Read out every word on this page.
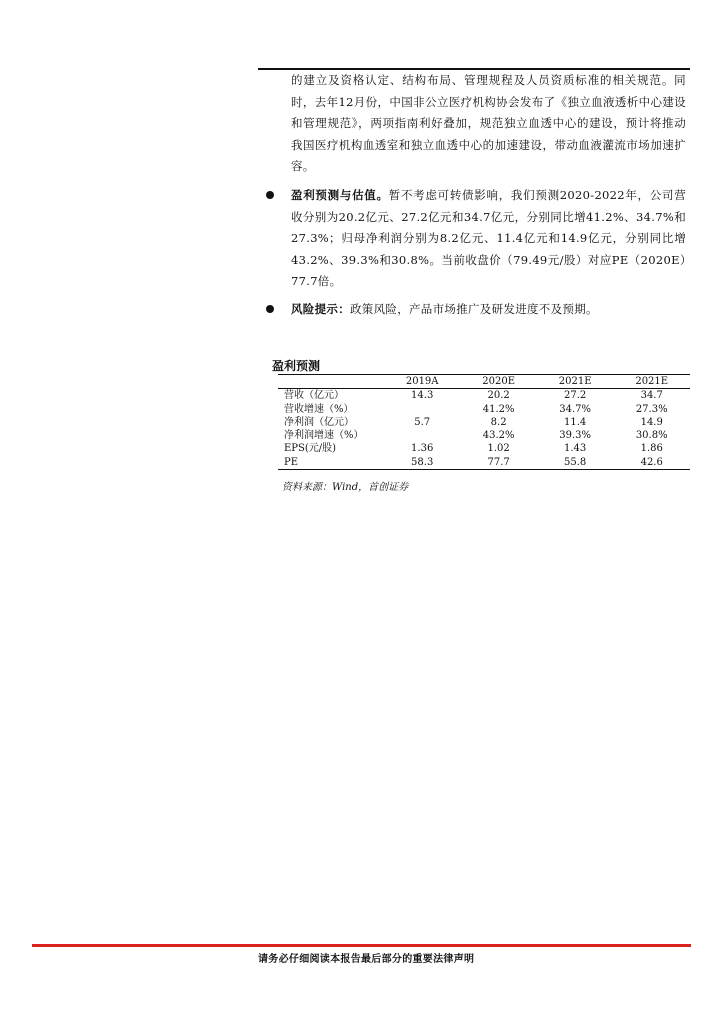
的建立及资格认定、结构布局、管理规程及人员资质标准的相关规范。同时，去年12月份，中国非公立医疗机构协会发布了《独立血液透析中心建设和管理规范》，两项指南利好叠加，规范独立血透中心的建设，预计将推动我国医疗机构血透室和独立血透中心的加速建设，带动血液灌流市场加速扩容。

盈利预测与估值。暂不考虑可转债影响，我们预测2020-2022年，公司营收分别为20.2亿元、27.2亿元和34.7亿元，分别同比增41.2%、34.7%和27.3%；归母净利润分别为8.2亿元、11.4亿元和14.9亿元，分别同比增43.2%、39.3%和30.8%。当前收盘价（79.49元/股）对应PE（2020E）77.7倍。

风险提示：政策风险，产品市场推广及研发进度不及预期。

盈利预测

	2019A	2020E	2021E	2021E
营收（亿元）	14.3	20.2	27.2	34.7
营收增速（%）		41.2%	34.7%	27.3%
净利润（亿元）	5.7	8.2	11.4	14.9
净利润增速（%）		43.2%	39.3%	30.8%
EPS(元/股)	1.36	1.02	1.43	1.86
PE	58.3	77.7	55.8	42.6

资料来源：Wind，首创证券

请务必仔细阅读本报告最后部分的重要法律声明
